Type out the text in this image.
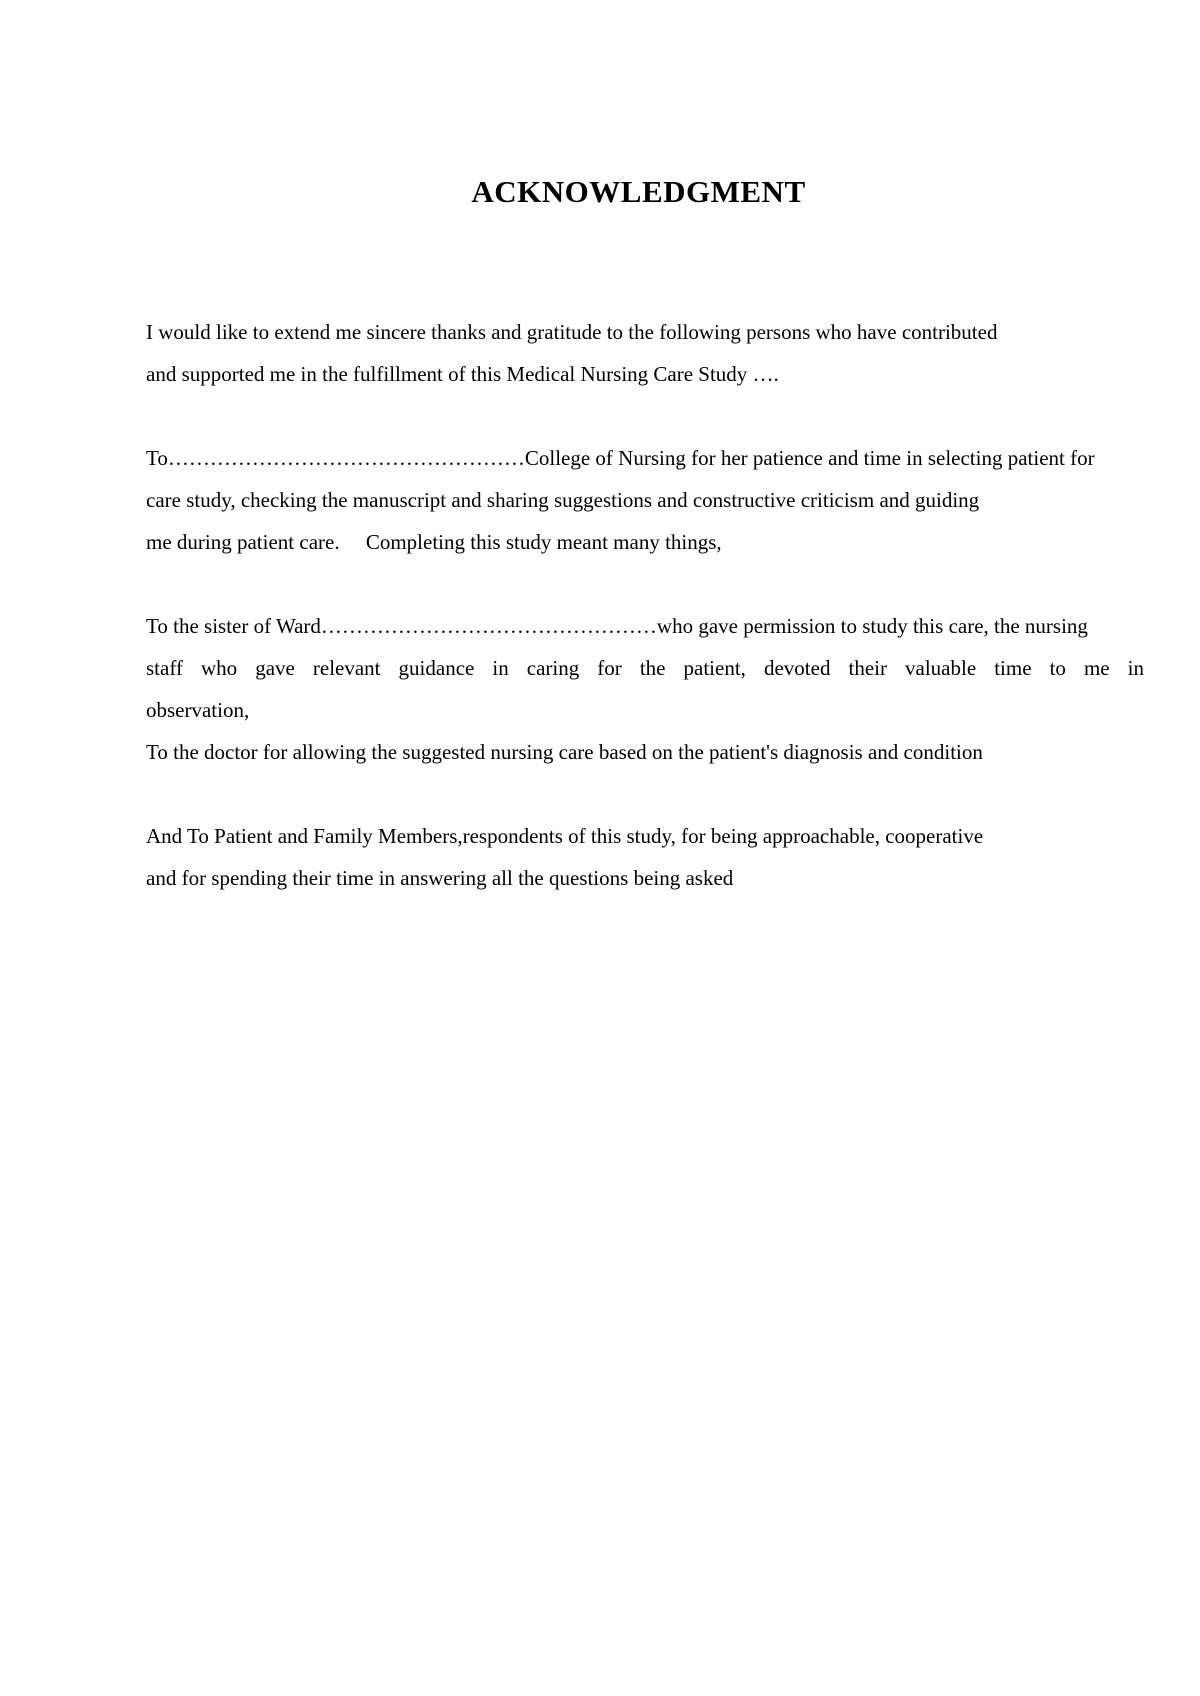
ACKNOWLEDGMENT
I would like to extend me sincere thanks and gratitude to the following persons who have contributed
and supported me in the fulfillment of this Medical Nursing Care Study ….
To……………………………………………College of Nursing for her patience and time in selecting patient for
care study, checking the manuscript and sharing suggestions and constructive criticism and guiding
me during patient care.     Completing this study meant many things,
To the sister of Ward…………………………………………who gave permission to study this care, the nursing
staff who gave relevant guidance in caring for the patient, devoted their valuable time to me in
observation,
To the doctor for allowing the suggested nursing care based on the patient's diagnosis and condition
And To Patient and Family Members,respondents of this study, for being approachable, cooperative
and for spending their time in answering all the questions being asked
